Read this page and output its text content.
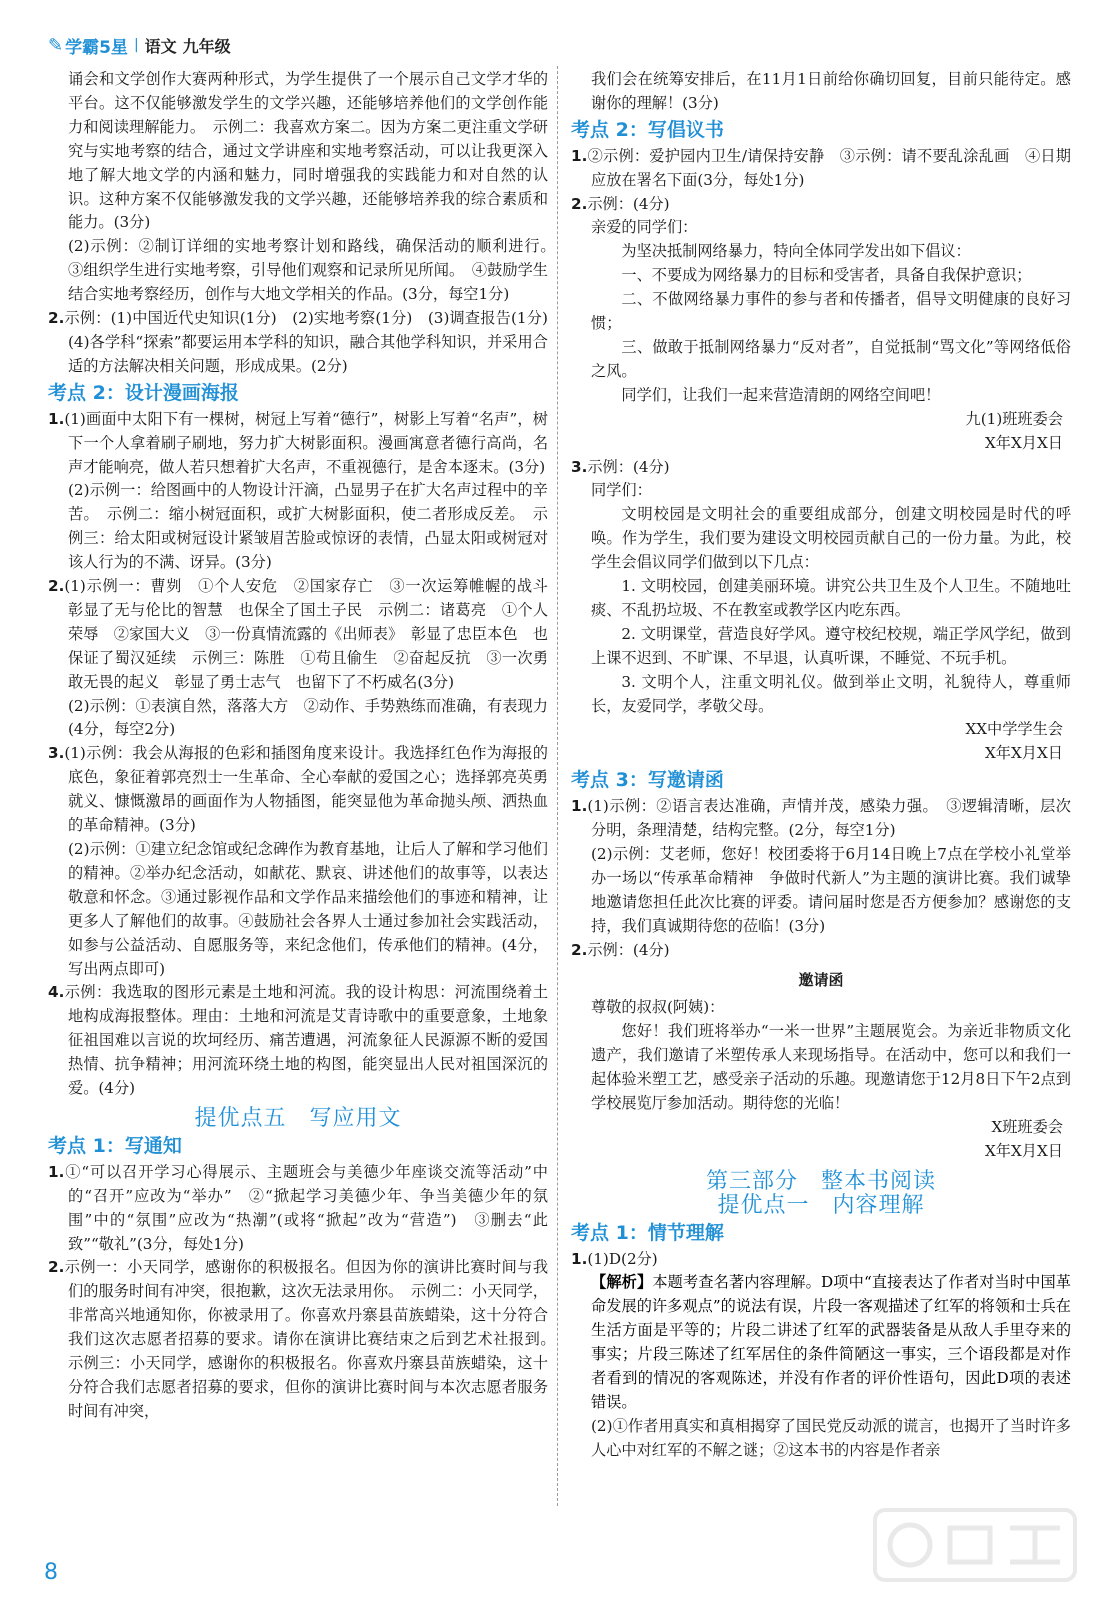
✎ 学霸5星 | 语文 九年级

诵会和文学创作大赛两种形式，为学生提供了一个展示自己文学才华的平台。这不仅能够激发学生的文学兴趣，还能够培养他们的文学创作能力和阅读理解能力。　示例二：我喜欢方案二。因为方案二更注重文学研究与实地考察的结合，通过文学讲座和实地考察活动，可以让我更深入地了解大地文学的内涵和魅力，同时增强我的实践能力和对自然的认识。这种方案不仅能够激发我的文学兴趣，还能够培养我的综合素质和能力。(3分)

(2)示例：②制订详细的实地考察计划和路线，确保活动的顺利进行。　③组织学生进行实地考察，引导他们观察和记录所见所闻。　④鼓励学生结合实地考察经历，创作与大地文学相关的作品。(3分，每空1分)

2.示例：(1)中国近代史知识(1分)　(2)实地考察(1分)　(3)调查报告(1分)　(4)各学科“探索”都要运用本学科的知识，融合其他学科知识，并采用合适的方法解决相关问题，形成成果。(2分)

考点 2：设计漫画海报

1.(1)画面中太阳下有一棵树，树冠上写着“德行”，树影上写着“名声”，树下一个人拿着刷子刷地，努力扩大树影面积。漫画寓意者德行高尚，名声才能响亮，做人若只想着扩大名声，不重视德行，是舍本逐末。(3分)

(2)示例一：给图画中的人物设计汗滴，凸显男子在扩大名声过程中的辛苦。　示例二：缩小树冠面积，或扩大树影面积，使二者形成反差。　示例三：给太阳或树冠设计紧皱眉苦脸或惊讶的表情，凸显太阳或树冠对该人行为的不满、讶异。(3分)

2.(1)示例一：曹刿　①个人安危　②国家存亡　③一次运筹帷幄的战斗　彰显了无与伦比的智慧　也保全了国土子民　示例二：诸葛亮　①个人荣辱　②家国大义　③一份真情流露的《出师表》　彰显了忠臣本色　也保证了蜀汉延续　示例三：陈胜　①苟且偷生　②奋起反抗　③一次勇敢无畏的起义　彰显了勇士志气　也留下了不朽威名(3分)

(2)示例：①表演自然，落落大方　②动作、手势熟练而准确，有表现力(4分，每空2分)

3.(1)示例：我会从海报的色彩和插图角度来设计。我选择红色作为海报的底色，象征着郭亮烈士一生革命、全心奉献的爱国之心；选择郭亮英勇就义、慷慨激昂的画面作为人物插图，能突显他为革命抛头颅、洒热血的革命精神。(3分)

(2)示例：①建立纪念馆或纪念碑作为教育基地，让后人了解和学习他们的精神。②举办纪念活动，如献花、默哀、讲述他们的故事等，以表达敬意和怀念。③通过影视作品和文学作品来描绘他们的事迹和精神，让更多人了解他们的故事。④鼓励社会各界人士通过参加社会实践活动，如参与公益活动、自愿服务等，来纪念他们，传承他们的精神。(4分，写出两点即可)

4.示例：我选取的图形元素是土地和河流。我的设计构思：河流围绕着土地构成海报整体。理由：土地和河流是艾青诗歌中的重要意象，土地象征祖国难以言说的坎坷经历、痛苦遭遇，河流象征人民源源不断的爱国热情、抗争精神；用河流环绕土地的构图，能突显出人民对祖国深沉的爱。(4分)

提优点五　写应用文
考点 1：写通知

1.①“可以召开学习心得展示、主题班会与美德少年座谈交流等活动”中的“召开”应改为“举办”　②“掀起学习美德少年、争当美德少年的氛围”中的“氛围”应改为“热潮”(或将“掀起”改为“营造”)　③删去“此致”“敬礼”(3分，每处1分)

2.示例一：小天同学，感谢你的积极报名。但因为你的演讲比赛时间与我们的服务时间有冲突，很抱歉，这次无法录用你。　示例二：小天同学，非常高兴地通知你，你被录用了。你喜欢丹寨县苗族蜡染，这十分符合我们这次志愿者招募的要求。请你在演讲比赛结束之后到艺术社报到。　示例三：小天同学，感谢你的积极报名。你喜欢丹寨县苗族蜡染，这十分符合我们志愿者招募的要求，但你的演讲比赛时间与本次志愿者服务时间有冲突，

我们会在统筹安排后，在11月1日前给你确切回复，目前只能待定。感谢你的理解！(3分)

考点 2：写倡议书

1.②示例：爱护园内卫生/请保持安静　③示例：请不要乱涂乱画　④日期应放在署名下面(3分，每处1分)

2.示例：(4分)

亲爱的同学们：

为坚决抵制网络暴力，特向全体同学发出如下倡议：

一、不要成为网络暴力的目标和受害者，具备自我保护意识；

二、不做网络暴力事件的参与者和传播者，倡导文明健康的良好习惯；

三、做敢于抵制网络暴力“反对者”，自觉抵制“骂文化”等网络低俗之风。

同学们，让我们一起来营造清朗的网络空间吧！

九(1)班班委会

X年X月X日

3.示例：(4分)

同学们：

文明校园是文明社会的重要组成部分，创建文明校园是时代的呼唤。作为学生，我们要为建设文明校园贡献自己的一份力量。为此，校学生会倡议同学们做到以下几点：

1. 文明校园，创建美丽环境。讲究公共卫生及个人卫生。不随地吐痰、不乱扔垃圾、不在教室或教学区内吃东西。

2. 文明课堂，营造良好学风。遵守校纪校规，端正学风学纪，做到上课不迟到、不旷课、不早退，认真听课，不睡觉、不玩手机。

3. 文明个人，注重文明礼仪。做到举止文明，礼貌待人，尊重师长，友爱同学，孝敬父母。

XX中学学生会

X年X月X日

考点 3：写邀请函

1.(1)示例：②语言表达准确，声情并茂，感染力强。　③逻辑清晰，层次分明，条理清楚，结构完整。(2分，每空1分)

(2)示例：艾老师，您好！校团委将于6月14日晚上7点在学校小礼堂举办一场以“传承革命精神　争做时代新人”为主题的演讲比赛。我们诚挚地邀请您担任此次比赛的评委。请问届时您是否方便参加？感谢您的支持，我们真诚期待您的莅临！(3分)

2.示例：(4分)

邀请函

尊敬的叔叔(阿姨)：

您好！我们班将举办“一米一世界”主题展览会。为亲近非物质文化遗产，我们邀请了米塑传承人来现场指导。在活动中，您可以和我们一起体验米塑工艺，感受亲子活动的乐趣。现邀请您于12月8日下午2点到学校展览厅参加活动。期待您的光临！

X班班委会

X年X月X日

第三部分　整本书阅读
提优点一　内容理解
考点 1：情节理解

1.(1)D(2分)

【解析】本题考查名著内容理解。D项中“直接表达了作者对当时中国革命发展的许多观点”的说法有误，片段一客观描述了红军的将领和士兵在生活方面是平等的；片段二讲述了红军的武器装备是从敌人手里夺来的事实；片段三陈述了红军居住的条件简陋这一事实，三个语段都是对作者看到的情况的客观陈述，并没有作者的评价性语句，因此D项的表述错误。

(2)①作者用真实和真相揭穿了国民党反动派的谎言，也揭开了当时许多人心中对红军的不解之谜；②这本书的内容是作者亲

8
